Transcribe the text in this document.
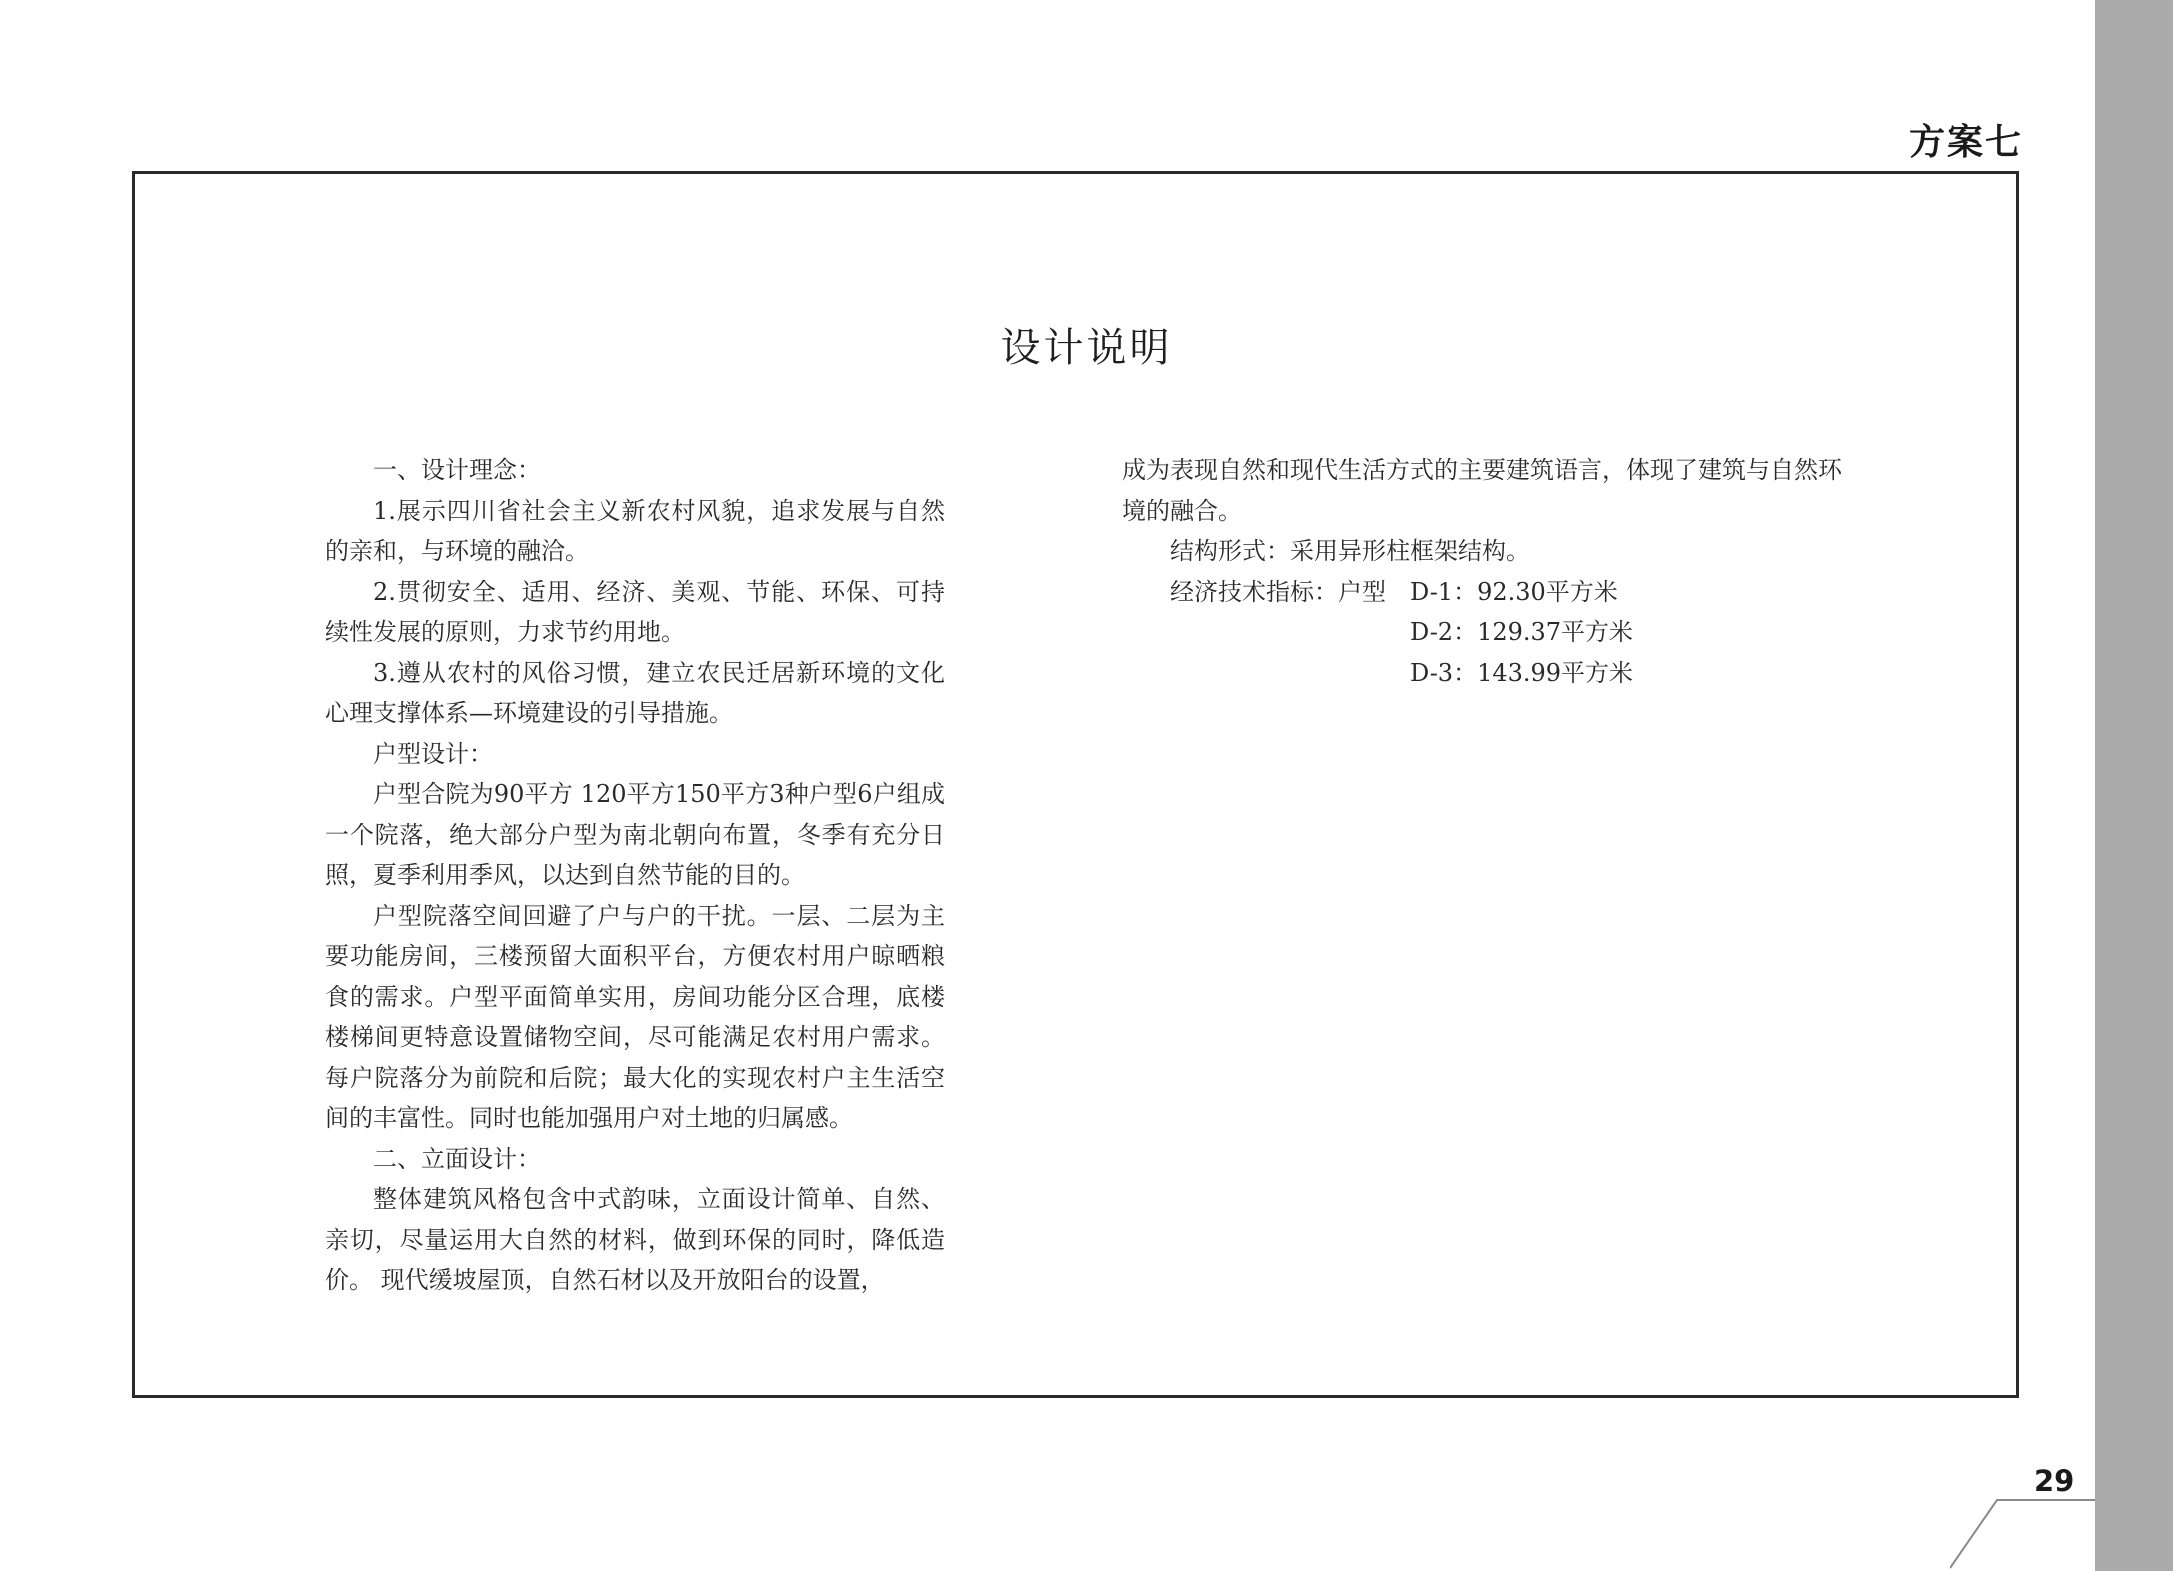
方案七
设计说明

一、设计理念：

1.展示四川省社会主义新农村风貌，追求发展与自然的亲和，与环境的融洽。

2.贯彻安全、适用、经济、美观、节能、环保、可持续性发展的原则，力求节约用地。

3.遵从农村的风俗习惯，建立农民迁居新环境的文化心理支撑体系—环境建设的引导措施。

户型设计：

户型合院为90平方 120平方150平方3种户型6户组成一个院落，绝大部分户型为南北朝向布置，冬季有充分日照，夏季利用季风，以达到自然节能的目的。

户型院落空间回避了户与户的干扰。一层、二层为主要功能房间，三楼预留大面积平台，方便农村用户晾晒粮食的需求。户型平面简单实用，房间功能分区合理，底楼楼梯间更特意设置储物空间，尽可能满足农村用户需求。每户院落分为前院和后院；最大化的实现农村户主生活空间的丰富性。同时也能加强用户对土地的归属感。

二、立面设计：

整体建筑风格包含中式韵味，立面设计简单、自然、亲切，尽量运用大自然的材料，做到环保的同时，降低造价。 现代缓坡屋顶，自然石材以及开放阳台的设置，

成为表现自然和现代生活方式的主要建筑语言，体现了建筑与自然环境的融合。

结构形式：采用异形柱框架结构。

经济技术指标：户型	D-1：92.30平方米
D-2：129.37平方米
D-3：143.99平方米
29
